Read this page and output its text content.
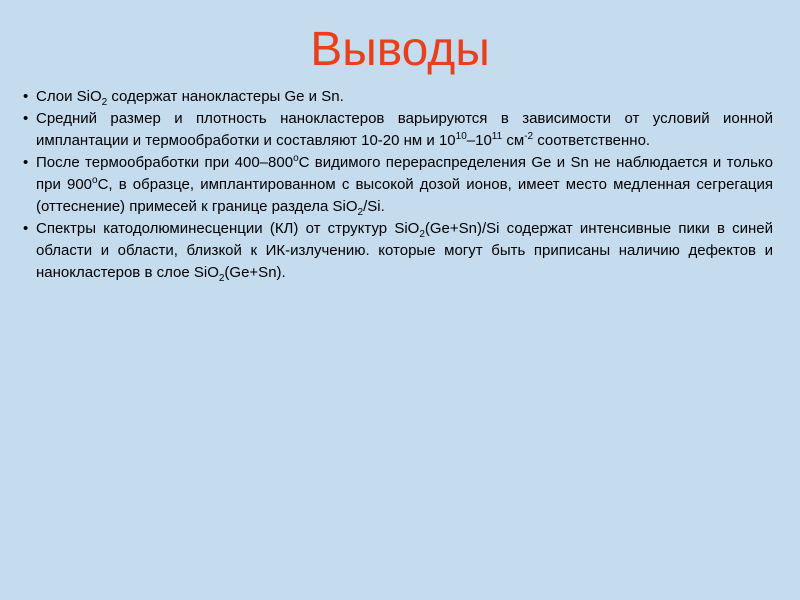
Выводы
• Слои SiO$_2$ содержат нанокластеры Ge и Sn.
• Средний размер и плотность нанокластеров варьируются в зависимости от условий ионной имплантации и термообработки и составляют 10-20 нм и $10^{10}-10^{11}$ $см^{-2}$ соответственно.
• После термообработки при $400-800^оС$ видимого перераспределения Ge и Sn не наблюдается и только при $900^оС$, в образце, имплантированном с высокой дозой ионов, имеет место медленная сегрегация (оттеснение) примесей к границе раздела SiO$_2$/Si.
• Спектры катодолюминесценции (КЛ) от структур SiO$_2$(Ge+Sn)/Si содержат интенсивные пики в синей области и области, близкой к ИК-излучению. которые могут быть приписаны наличию дефектов и нанокластеров в слое SiO$_2$(Ge+Sn).
